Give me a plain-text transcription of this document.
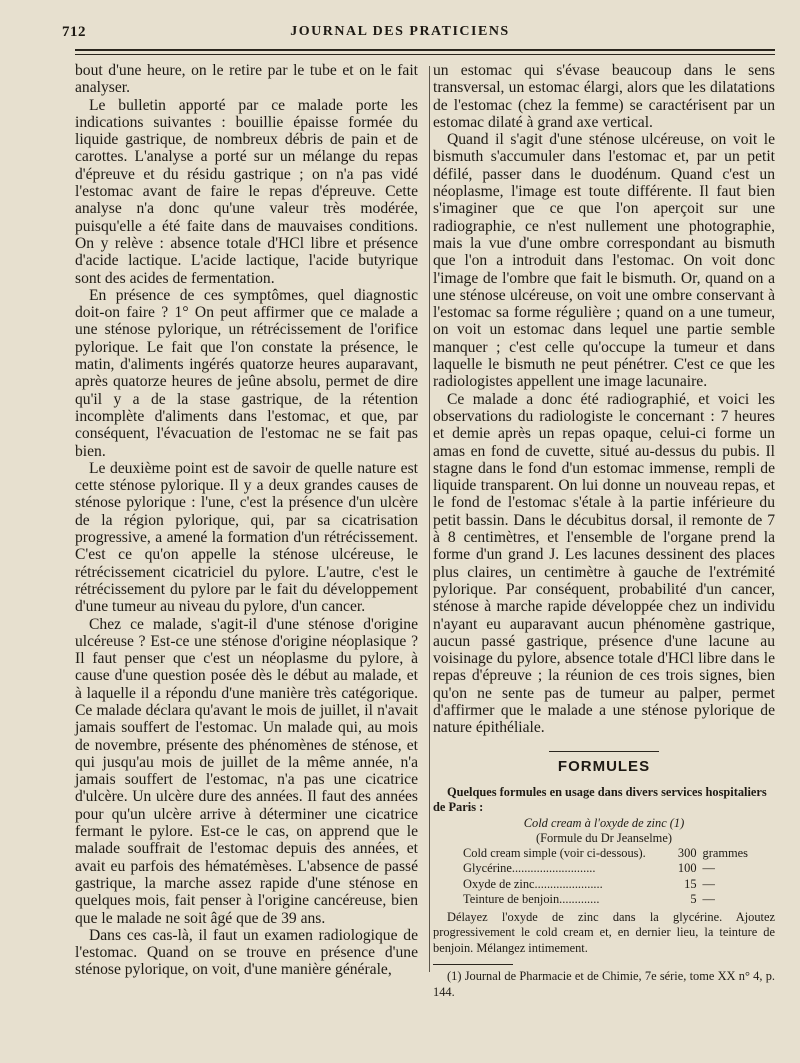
712	JOURNAL DES PRATICIENS

bout d'une heure, on le retire par le tube et on le fait analyser.

Le bulletin apporté par ce malade porte les indications suivantes : bouillie épaisse formée du liquide gastrique, de nombreux débris de pain et de carottes. L'analyse a porté sur un mélange du repas d'épreuve et du résidu gastrique ; on n'a pas vidé l'estomac avant de faire le repas d'épreuve. Cette analyse n'a donc qu'une valeur très modérée, puisqu'elle a été faite dans de mauvaises conditions. On y relève : absence totale d'HCl libre et présence d'acide lactique. L'acide lactique, l'acide butyrique sont des acides de fermentation.

En présence de ces symptômes, quel diagnostic doit-on faire ? 1° On peut affirmer que ce malade a une sténose pylorique, un rétrécissement de l'orifice pylorique. Le fait que l'on constate la présence, le matin, d'aliments ingérés quatorze heures auparavant, après quatorze heures de jeûne absolu, permet de dire qu'il y a de la stase gastrique, de la rétention incomplète d'aliments dans l'estomac, et que, par conséquent, l'évacuation de l'estomac ne se fait pas bien.

Le deuxième point est de savoir de quelle nature est cette sténose pylorique. Il y a deux grandes causes de sténose pylorique : l'une, c'est la présence d'un ulcère de la région pylorique, qui, par sa cicatrisation progressive, a amené la formation d'un rétrécissement. C'est ce qu'on appelle la sténose ulcéreuse, le rétrécissement cicatriciel du pylore. L'autre, c'est le rétrécissement du pylore par le fait du développement d'une tumeur au niveau du pylore, d'un cancer.

Chez ce malade, s'agit-il d'une sténose d'origine ulcéreuse ? Est-ce une sténose d'origine néoplasique ? Il faut penser que c'est un néoplasme du pylore, à cause d'une question posée dès le début au malade, et à laquelle il a répondu d'une manière très catégorique. Ce malade déclara qu'avant le mois de juillet, il n'avait jamais souffert de l'estomac. Un malade qui, au mois de novembre, présente des phénomènes de sténose, et qui jusqu'au mois de juillet de la même année, n'a jamais souffert de l'estomac, n'a pas une cicatrice d'ulcère. Un ulcère dure des années. Il faut des années pour qu'un ulcère arrive à déterminer une cicatrice fermant le pylore. Est-ce le cas, on apprend que le malade souffrait de l'estomac depuis des années, et avait eu parfois des hématémèses. L'absence de passé gastrique, la marche assez rapide d'une sténose en quelques mois, fait penser à l'origine cancéreuse, bien que le malade ne soit âgé que de 39 ans.

Dans ces cas-là, il faut un examen radiologique de l'estomac. Quand on se trouve en présence d'une sténose pylorique, on voit, d'une manière générale,

un estomac qui s'évase beaucoup dans le sens transversal, un estomac élargi, alors que les dilatations de l'estomac (chez la femme) se caractérisent par un estomac dilaté à grand axe vertical.

Quand il s'agit d'une sténose ulcéreuse, on voit le bismuth s'accumuler dans l'estomac et, par un petit défilé, passer dans le duodénum. Quand c'est un néoplasme, l'image est toute différente. Il faut bien s'imaginer que ce que l'on aperçoit sur une radiographie, ce n'est nullement une photographie, mais la vue d'une ombre correspondant au bismuth que l'on a introduit dans l'estomac. On voit donc l'image de l'ombre que fait le bismuth. Or, quand on a une sténose ulcéreuse, on voit une ombre conservant à l'estomac sa forme régulière ; quand on a une tumeur, on voit un estomac dans lequel une partie semble manquer ; c'est celle qu'occupe la tumeur et dans laquelle le bismuth ne peut pénétrer. C'est ce que les radiologistes appellent une image lacunaire.

Ce malade a donc été radiographié, et voici les observations du radiologiste le concernant : 7 heures et demie après un repas opaque, celui-ci forme un amas en fond de cuvette, situé au-dessus du pubis. Il stagne dans le fond d'un estomac immense, rempli de liquide transparent. On lui donne un nouveau repas, et le fond de l'estomac s'étale à la partie inférieure du petit bassin. Dans le décubitus dorsal, il remonte de 7 à 8 centimètres, et l'ensemble de l'organe prend la forme d'un grand J. Les lacunes dessinent des places plus claires, un centimètre à gauche de l'extrémité pylorique. Par conséquent, probabilité d'un cancer, sténose à marche rapide développée chez un individu n'ayant eu auparavant aucun phénomène gastrique, aucun passé gastrique, présence d'une lacune au voisinage du pylore, absence totale d'HCl libre dans le repas d'épreuve ; la réunion de ces trois signes, bien qu'on ne sente pas de tumeur au palper, permet d'affirmer que le malade a une sténose pylorique de nature épithéliale.

FORMULES
Quelques formules en usage dans divers services hospitaliers de Paris :
Cold cream à l'oxyde de zinc (1)
(Formule du Dr Jeanselme)
Cold cream simple (voir ci-dessous).	300	grammes
Glycérine...........................	100	—
Oxyde de zinc......................	15	—
Teinture de benjoin.............	5	—
Délayez l'oxyde de zinc dans la glycérine. Ajoutez progressivement le cold cream et, en dernier lieu, la teinture de benjoin. Mélangez intimement.
(1) Journal de Pharmacie et de Chimie, 7e série, tome XX n° 4, p. 144.
